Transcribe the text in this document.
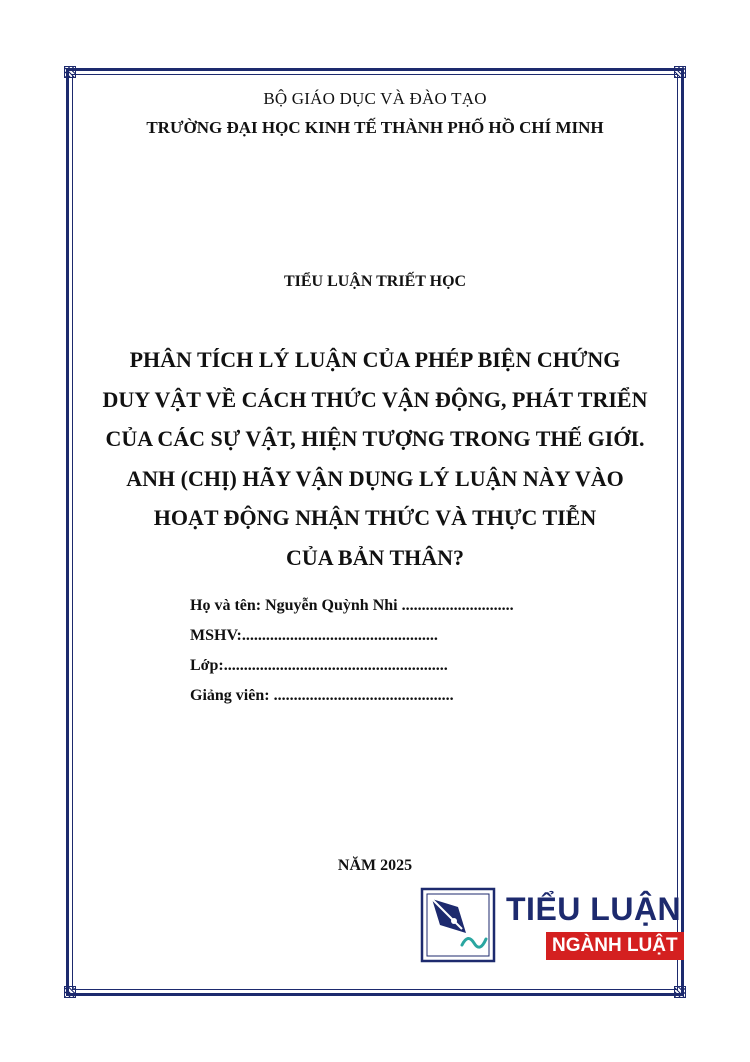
BỘ GIÁO DỤC VÀ ĐÀO TẠO
TRƯỜNG ĐẠI HỌC KINH TẾ THÀNH PHỐ HỒ CHÍ MINH
TIỂU LUẬN TRIẾT HỌC
PHÂN TÍCH LÝ LUẬN CỦA PHÉP BIỆN CHỨNG
DUY VẬT VỀ CÁCH THỨC VẬN ĐỘNG, PHÁT TRIỂN
CỦA CÁC SỰ VẬT, HIỆN TƯỢNG TRONG THẾ GIỚI.
ANH (CHỊ) HÃY VẬN DỤNG LÝ LUẬN NÀY VÀO
HOẠT ĐỘNG NHẬN THỨC VÀ THỰC TIỄN
CỦA BẢN THÂN?
Họ và tên: Nguyễn Quỳnh Nhi ............................
MSHV:.................................................
Lớp:........................................................
Giảng viên: .............................................
NĂM 2025
TIỂU LUẬN
NGÀNH LUẬT
